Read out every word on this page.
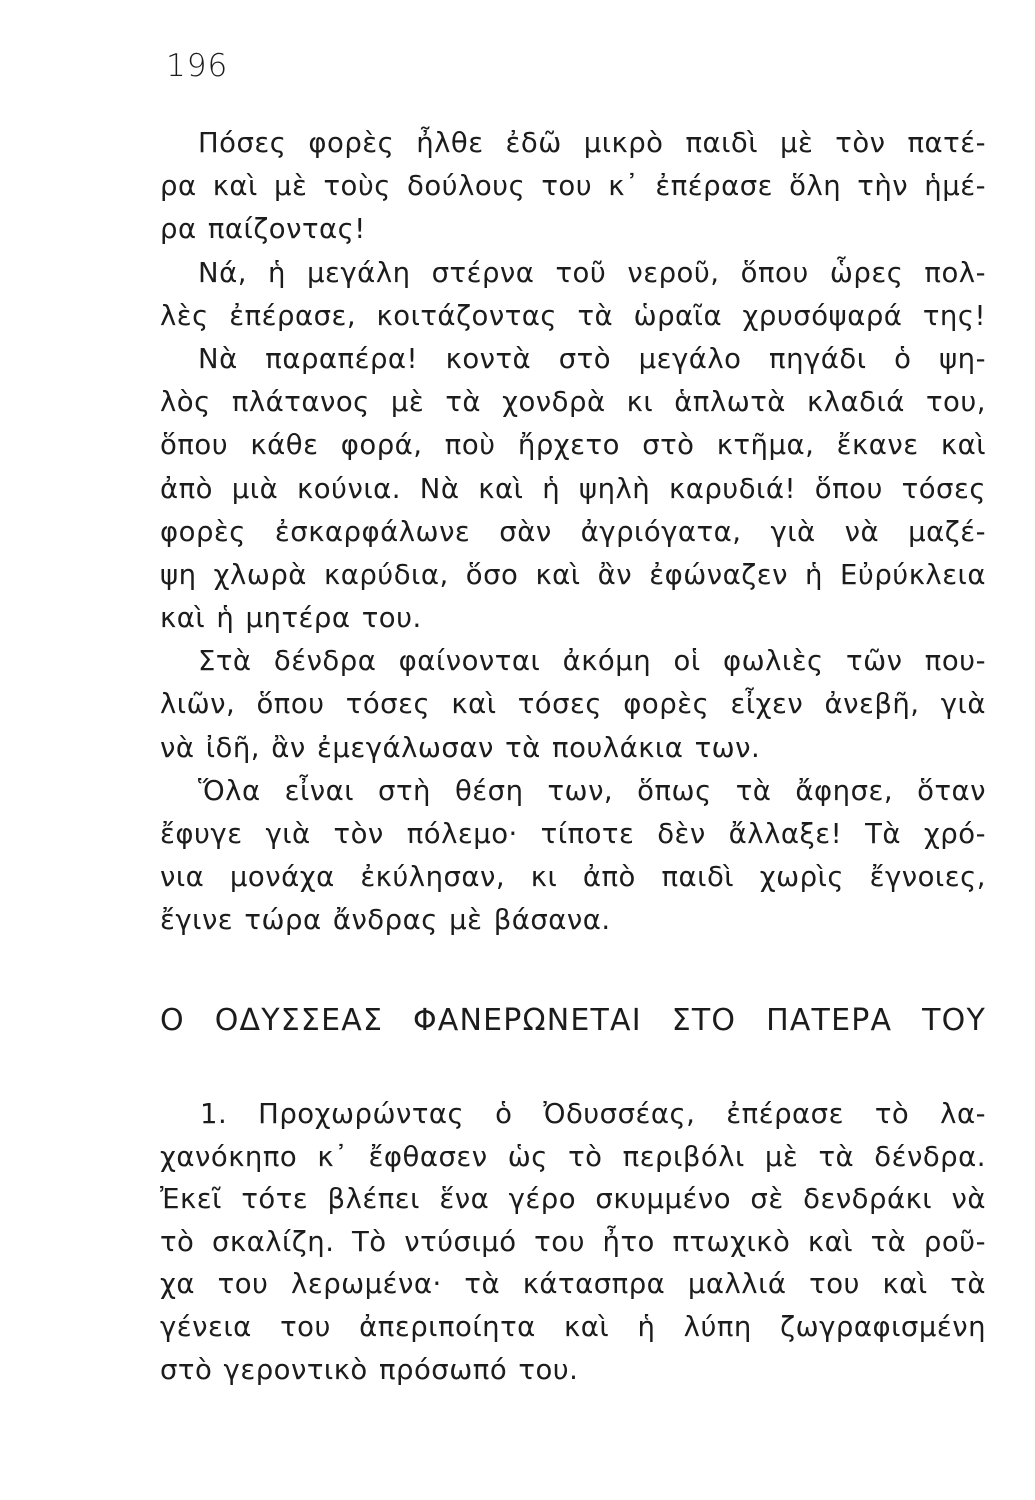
196
Πόσες φορὲς ἦλθε ἐδῶ μικρὸ παιδὶ μὲ τὸν πατέ-
ρα καὶ μὲ τοὺς δούλους του κ᾽ ἐπέρασε ὅλη τὴν ἡμέ-
ρα παίζοντας!
Νά, ἡ μεγάλη στέρνα τοῦ νεροῦ, ὅπου ὧρες πολ-
λὲς ἐπέρασε, κοιτάζοντας τὰ ὡραῖα χρυσόψαρά της!
Νὰ παραπέρα! κοντὰ στὸ μεγάλο πηγάδι ὁ ψη-
λὸς πλάτανος μὲ τὰ χονδρὰ κι ἁπλωτὰ κλαδιά του,
ὅπου κάθε φορά, ποὺ ἤρχετο στὸ κτῆμα, ἔκανε καὶ
ἀπὸ μιὰ κούνια. Νὰ καὶ ἡ ψηλὴ καρυδιά! ὅπου τόσες
φορὲς ἐσκαρφάλωνε σὰν ἀγριόγατα, γιὰ νὰ μαζέ-
ψη χλωρὰ καρύδια, ὅσο καὶ ἂν ἐφώναζεν ἡ Εὐρύκλεια
καὶ ἡ μητέρα του.
Στὰ δένδρα φαίνονται ἀκόμη οἱ φωλιὲς τῶν που-
λιῶν, ὅπου τόσες καὶ τόσες φορὲς εἶχεν ἀνεβῆ, γιὰ
νὰ ἰδῆ, ἂν ἐμεγάλωσαν τὰ πουλάκια των.
Ὅλα εἶναι στὴ θέση των, ὅπως τὰ ἄφησε, ὅταν
ἔφυγε γιὰ τὸν πόλεμο· τίποτε δὲν ἄλλαξε! Τὰ χρό-
νια μονάχα ἐκύλησαν, κι ἀπὸ παιδὶ χωρὶς ἔγνοιες,
ἔγινε τώρα ἄνδρας μὲ βάσανα.
Ο ΟΔΥΣΣΕΑΣ ΦΑΝΕΡΩΝΕΤΑΙ ΣΤΟ ΠΑΤΕΡΑ ΤΟΥ
1. Προχωρώντας ὁ Ὀδυσσέας, ἐπέρασε τὸ λα-
χανόκηπο κ᾽ ἔφθασεν ὡς τὸ περιβόλι μὲ τὰ δένδρα.
Ἐκεῖ τότε βλέπει ἕνα γέρο σκυμμένο σὲ δενδράκι νὰ
τὸ σκαλίζη. Τὸ ντύσιμό του ἦτο πτωχικὸ καὶ τὰ ροῦ-
χα του λερωμένα· τὰ κάτασπρα μαλλιά του καὶ τὰ
γένεια του ἀπεριποίητα καὶ ἡ λύπη ζωγραφισμένη
στὸ γεροντικὸ πρόσωπό του.
